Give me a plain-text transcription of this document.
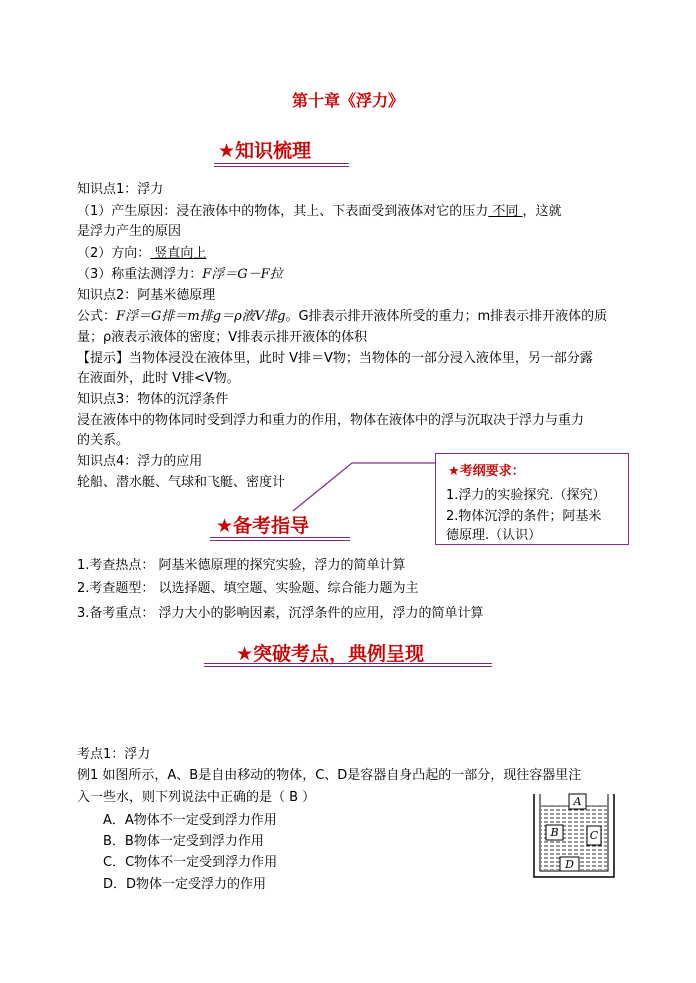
第十章《浮力》
★知识梳理
知识点1：浮力
（1）产生原因：浸在液体中的物体，其上、下表面受到液体对它的压力 不同 ，这就
是浮力产生的原因
（2）方向： 竖直向上
（3）称重法测浮力：F浮＝G－F拉
知识点2：阿基米德原理
公式：F浮＝G排＝m排g＝ρ液V排g。G排表示排开液体所受的重力；m排表示排开液体的质
量；ρ液表示液体的密度；V排表示排开液体的体积
【提示】当物体浸没在液体里，此时 V排＝V物；当物体的一部分浸入液体里，另一部分露
在液面外，此时 V排<V物。
知识点3：物体的沉浮条件
浸在液体中的物体同时受到浮力和重力的作用，物体在液体中的浮与沉取决于浮力与重力
的关系。
知识点4：浮力的应用
轮船、潜水艇、气球和飞艇、密度计
★考纲要求：
1.浮力的实验探究.（探究）
2.物体沉浮的条件；阿基米
德原理.（认识）
★备考指导
1.考查热点： 阿基米德原理的探究实验，浮力的简单计算
2.考查题型： 以选择题、填空题、实验题、综合能力题为主
3.备考重点： 浮力大小的影响因素，沉浮条件的应用，浮力的简单计算
★突破考点，典例呈现
考点1：浮力
例1 如图所示，A、B是自由移动的物体，C、D是容器自身凸起的一部分，现往容器里注
入一些水，则下列说法中正确的是（ B ）
A．A物体不一定受到浮力作用
B．B物体一定受到浮力作用
C．C物体不一定受到浮力作用
D．D物体一定受浮力的作用
A
B	C
D
